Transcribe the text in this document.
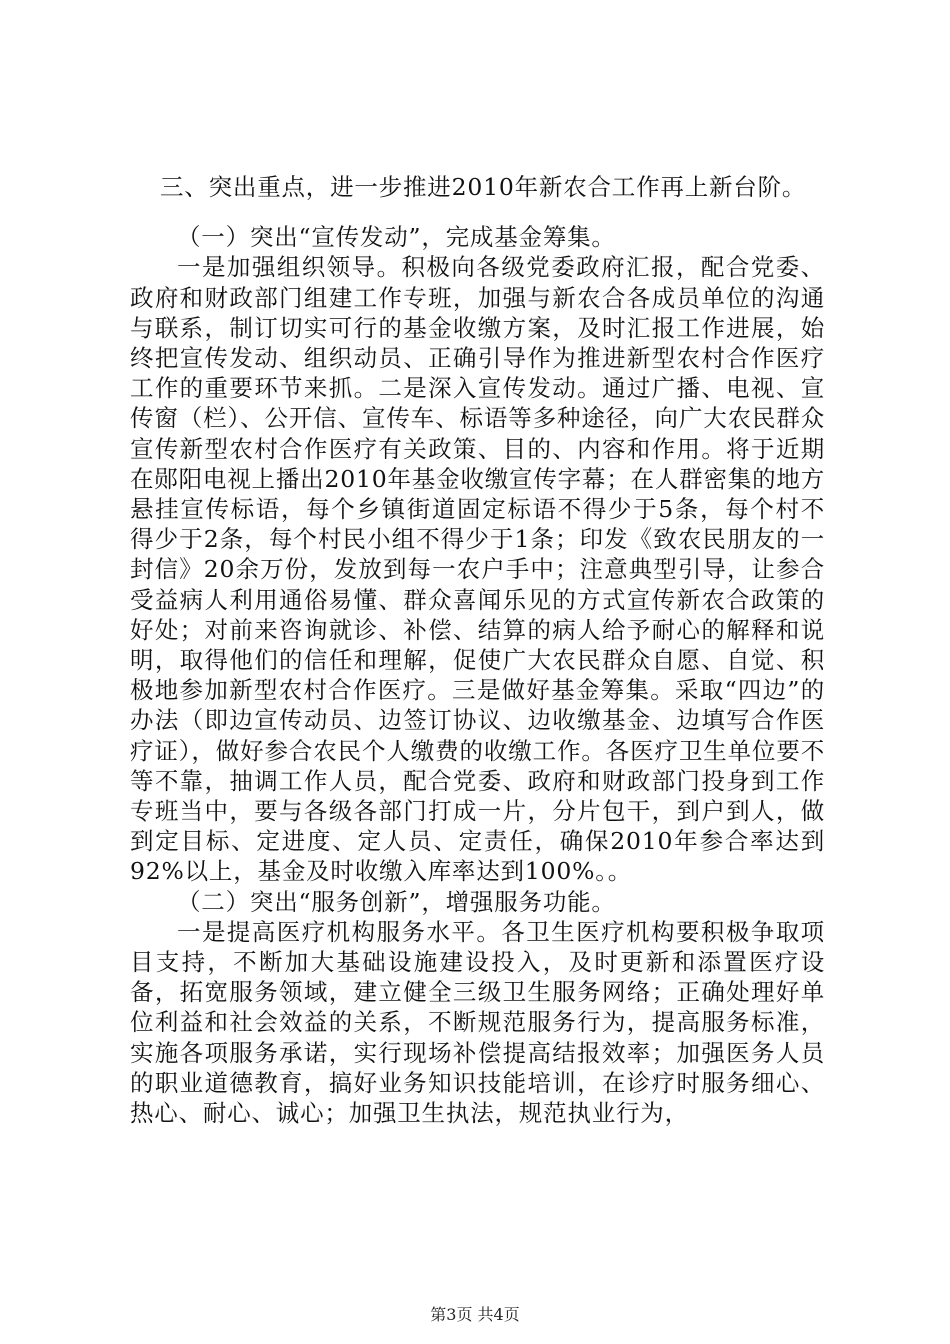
三、突出重点，进一步推进2010年新农合工作再上新台阶。

（一）突出“宣传发动”，完成基金筹集。

一是加强组织领导。积极向各级党委政府汇报，配合党委、政府和财政部门组建工作专班，加强与新农合各成员单位的沟通与联系，制订切实可行的基金收缴方案，及时汇报工作进展，始终把宣传发动、组织动员、正确引导作为推进新型农村合作医疗工作的重要环节来抓。二是深入宣传发动。通过广播、电视、宣传窗（栏）、公开信、宣传车、标语等多种途径，向广大农民群众宣传新型农村合作医疗有关政策、目的、内容和作用。将于近期在郧阳电视上播出2010年基金收缴宣传字幕；在人群密集的地方悬挂宣传标语，每个乡镇街道固定标语不得少于5条，每个村不得少于2条，每个村民小组不得少于1条；印发《致农民朋友的一封信》20余万份，发放到每一农户手中；注意典型引导，让参合受益病人利用通俗易懂、群众喜闻乐见的方式宣传新农合政策的好处；对前来咨询就诊、补偿、结算的病人给予耐心的解释和说明，取得他们的信任和理解，促使广大农民群众自愿、自觉、积极地参加新型农村合作医疗。三是做好基金筹集。采取“四边”的办法（即边宣传动员、边签订协议、边收缴基金、边填写合作医疗证），做好参合农民个人缴费的收缴工作。各医疗卫生单位要不等不靠，抽调工作人员，配合党委、政府和财政部门投身到工作专班当中，要与各级各部门打成一片，分片包干，到户到人，做到定目标、定进度、定人员、定责任，确保2010年参合率达到92%以上，基金及时收缴入库率达到100%。。

（二）突出“服务创新”，增强服务功能。

一是提高医疗机构服务水平。各卫生医疗机构要积极争取项目支持，不断加大基础设施建设投入，及时更新和添置医疗设备，拓宽服务领域，建立健全三级卫生服务网络；正确处理好单位利益和社会效益的关系，不断规范服务行为，提高服务标准，实施各项服务承诺，实行现场补偿提高结报效率；加强医务人员的职业道德教育，搞好业务知识技能培训，在诊疗时服务细心、热心、耐心、诚心；加强卫生执法，规范执业行为，

第3页 共4页
